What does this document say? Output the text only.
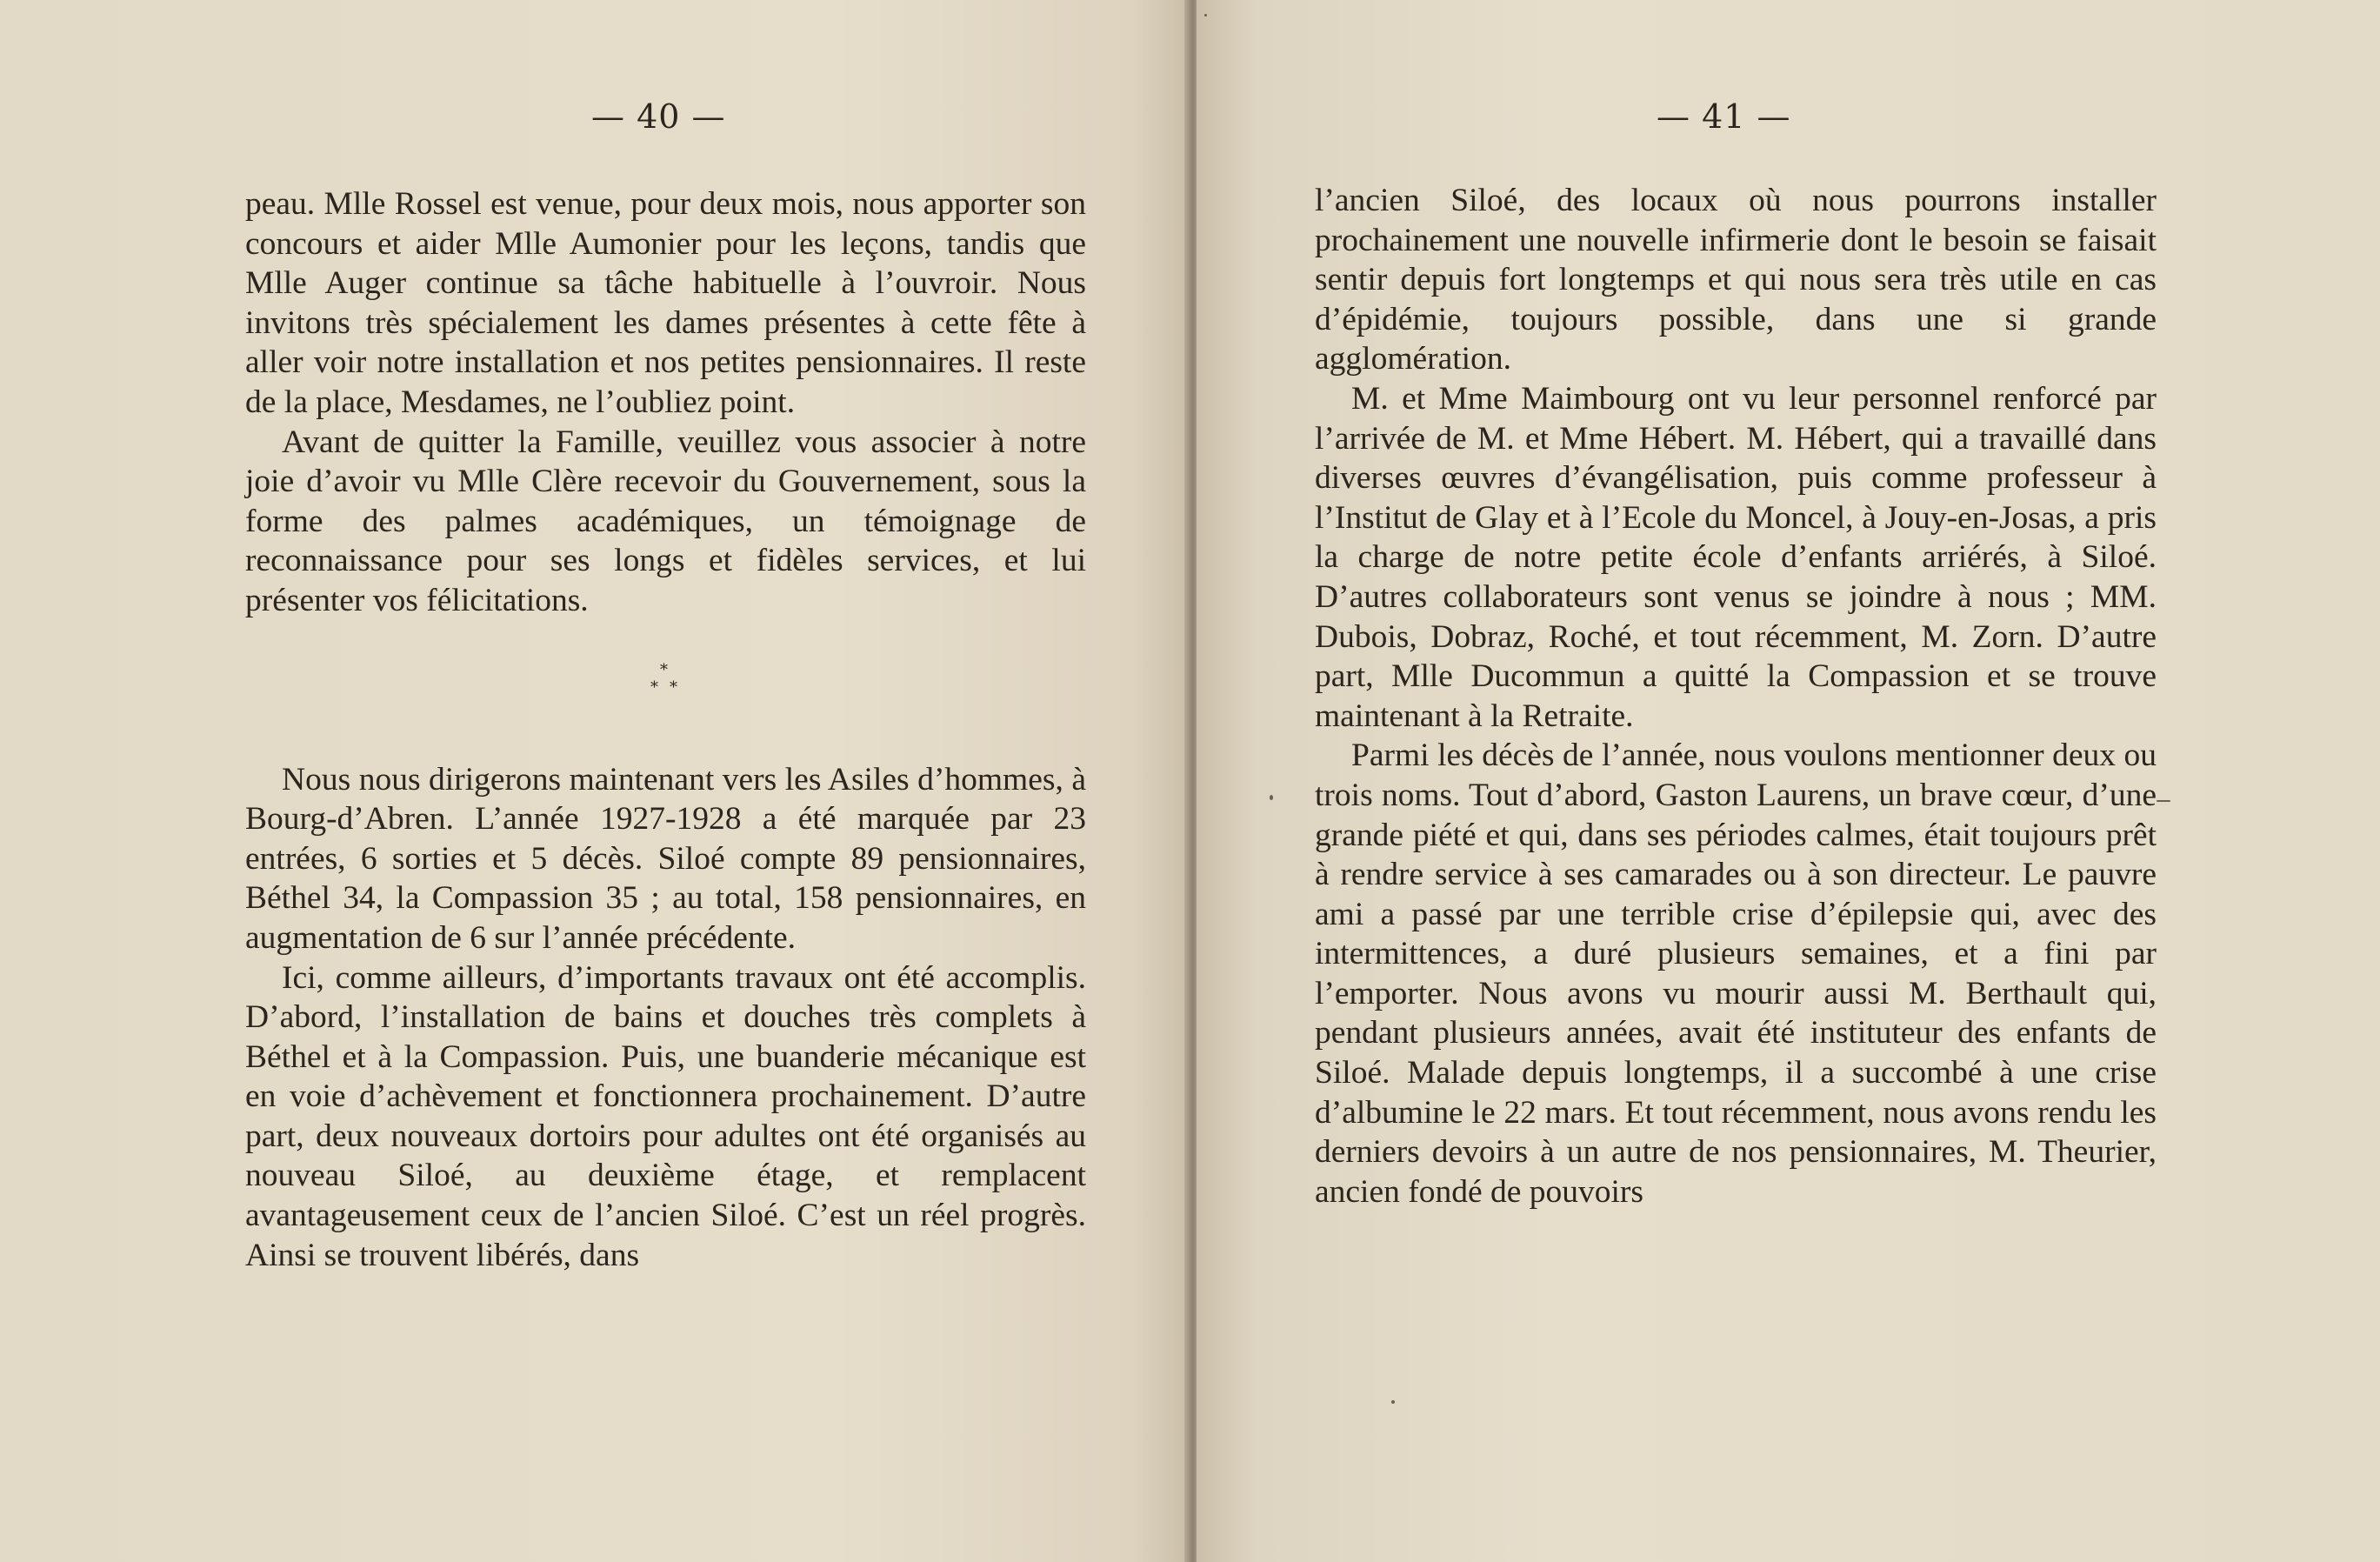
— 40 —

peau. Mlle Rossel est venue, pour deux mois, nous apporter son concours et aider Mlle Aumonier pour les leçons, tandis que Mlle Auger continue sa tâche habituelle à l’ouvroir. Nous invitons très spécialement les dames présentes à cette fête à aller voir notre installation et nos petites pensionnaires. Il reste de la place, Mesdames, ne l’oubliez point.

Avant de quitter la Famille, veuillez vous associer à notre joie d’avoir vu Mlle Clère recevoir du Gouvernement, sous la forme des palmes académiques, un témoignage de reconnaissance pour ses longs et fidèles services, et lui présenter vos félicitations.

*
* *

Nous nous dirigerons maintenant vers les Asiles d’hommes, à Bourg-d’Abren. L’année 1927-1928 a été marquée par 23 entrées, 6 sorties et 5 décès. Siloé compte 89 pensionnaires, Béthel 34, la Compassion 35 ; au total, 158 pensionnaires, en augmentation de 6 sur l’année précédente.

Ici, comme ailleurs, d’importants travaux ont été accomplis. D’abord, l’installation de bains et douches très complets à Béthel et à la Compassion. Puis, une buanderie mécanique est en voie d’achèvement et fonctionnera prochainement. D’autre part, deux nouveaux dortoirs pour adultes ont été organisés au nouveau Siloé, au deuxième étage, et remplacent avantageusement ceux de l’ancien Siloé. C’est un réel progrès. Ainsi se trouvent libérés, dans

— 41 —

l’ancien Siloé, des locaux où nous pourrons installer prochainement une nouvelle infirmerie dont le besoin se faisait sentir depuis fort longtemps et qui nous sera très utile en cas d’épidémie, toujours possible, dans une si grande agglomération.

M. et Mme Maimbourg ont vu leur personnel renforcé par l’arrivée de M. et Mme Hébert. M. Hébert, qui a travaillé dans diverses œuvres d’évangélisation, puis comme professeur à l’Institut de Glay et à l’Ecole du Moncel, à Jouy-en-Josas, a pris la charge de notre petite école d’enfants arriérés, à Siloé. D’autres collaborateurs sont venus se joindre à nous ; MM. Dubois, Dobraz, Roché, et tout récemment, M. Zorn. D’autre part, Mlle Ducommun a quitté la Compassion et se trouve maintenant à la Retraite.

Parmi les décès de l’année, nous voulons mentionner deux ou trois noms. Tout d’abord, Gaston Laurens, un brave cœur, d’une grande piété et qui, dans ses périodes calmes, était toujours prêt à rendre service à ses camarades ou à son directeur. Le pauvre ami a passé par une terrible crise d’épilepsie qui, avec des intermittences, a duré plusieurs semaines, et a fini par l’emporter. Nous avons vu mourir aussi M. Berthault qui, pendant plusieurs années, avait été instituteur des enfants de Siloé. Malade depuis longtemps, il a succombé à une crise d’albumine le 22 mars. Et tout récemment, nous avons rendu les derniers devoirs à un autre de nos pensionnaires, M. Theurier, ancien fondé de pouvoirs
